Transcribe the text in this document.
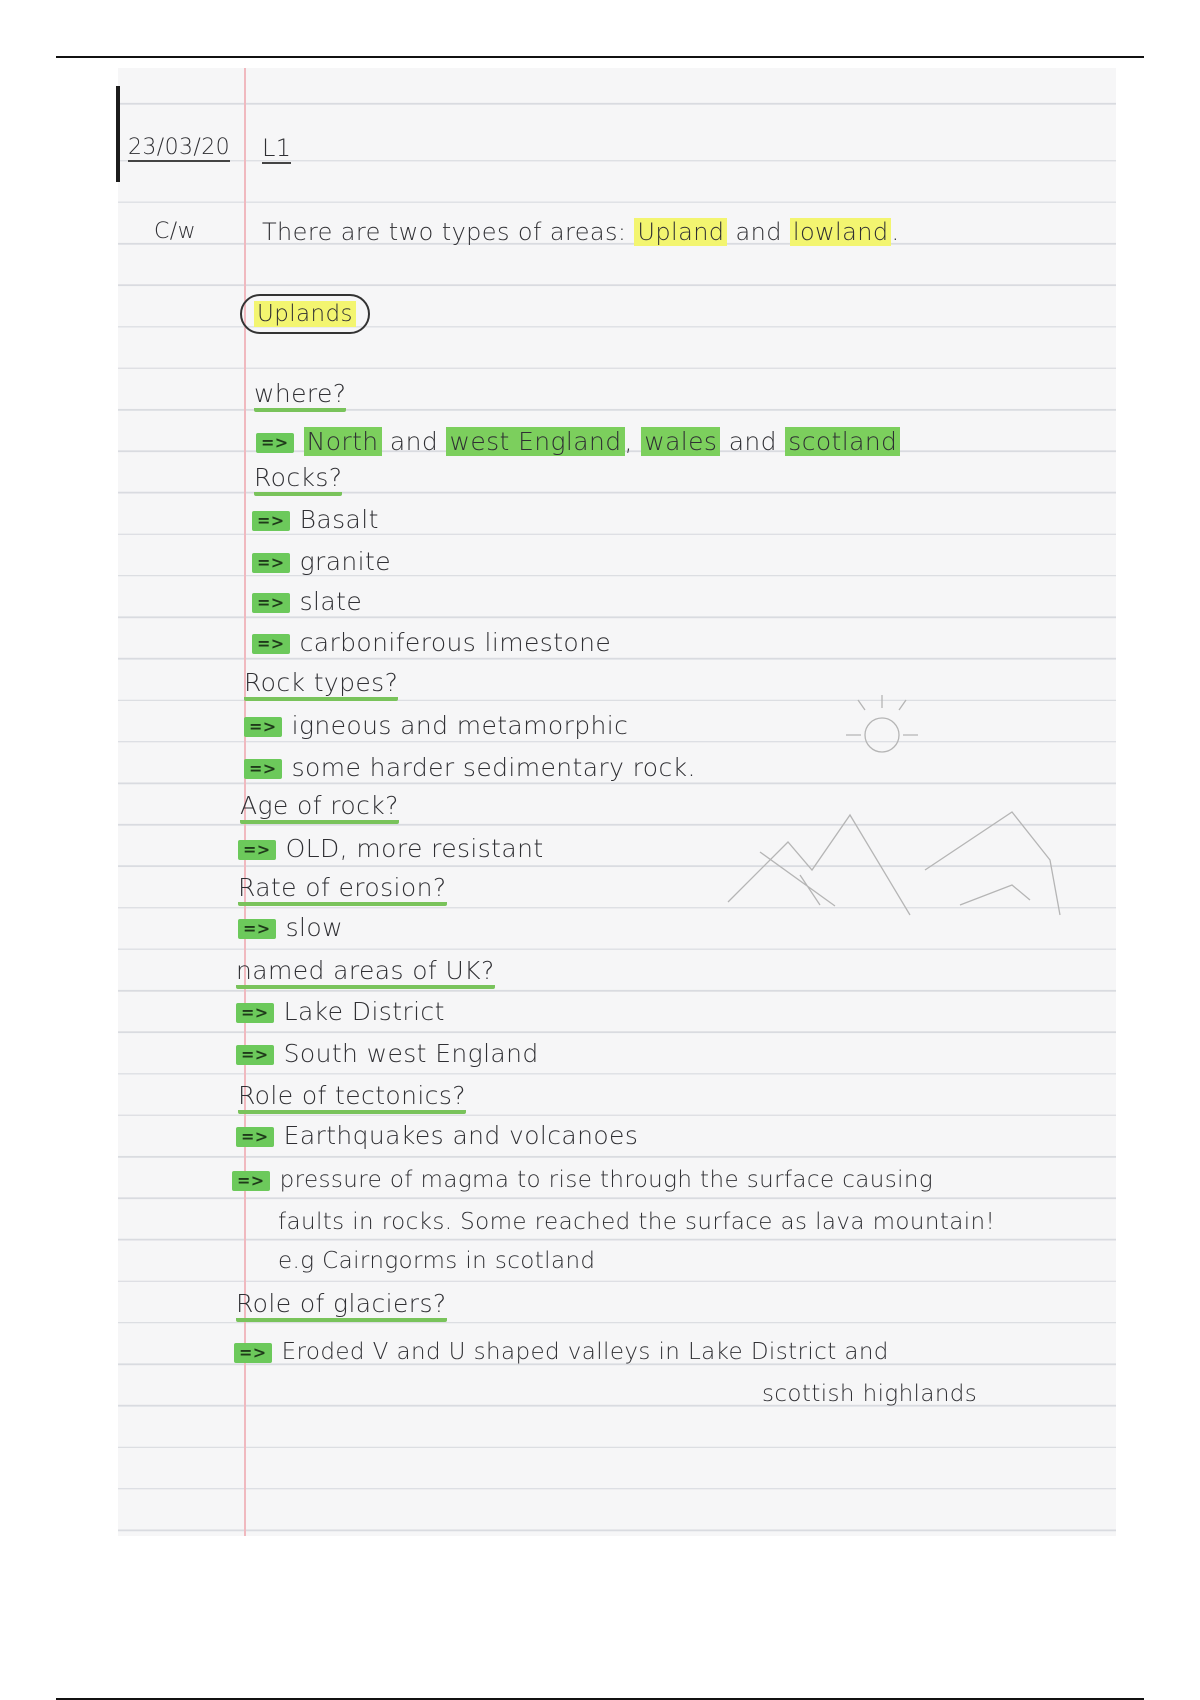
23/03/20 L1
C/w	There are two types of areas: Upland and lowland .
Uplands
where?
=> North and west England , wales and scotland
Rocks?
=> Basalt
=> granite
=> slate
=> carboniferous limestone
Rock types?
=> igneous and metamorphic
=> some harder sedimentary rock.
Age of rock?
=> OLD, more resistant
Rate of erosion?
=> slow
named areas of UK?
=> Lake District
=> South west England
Role of tectonics?
=> Earthquakes and volcanoes
=> pressure of magma to rise through the surface causing
faults in rocks. Some reached the surface as lava mountain!
e.g Cairngorms in scotland
Role of glaciers?
=> Eroded V and U shaped valleys in Lake District and
scottish highlands
